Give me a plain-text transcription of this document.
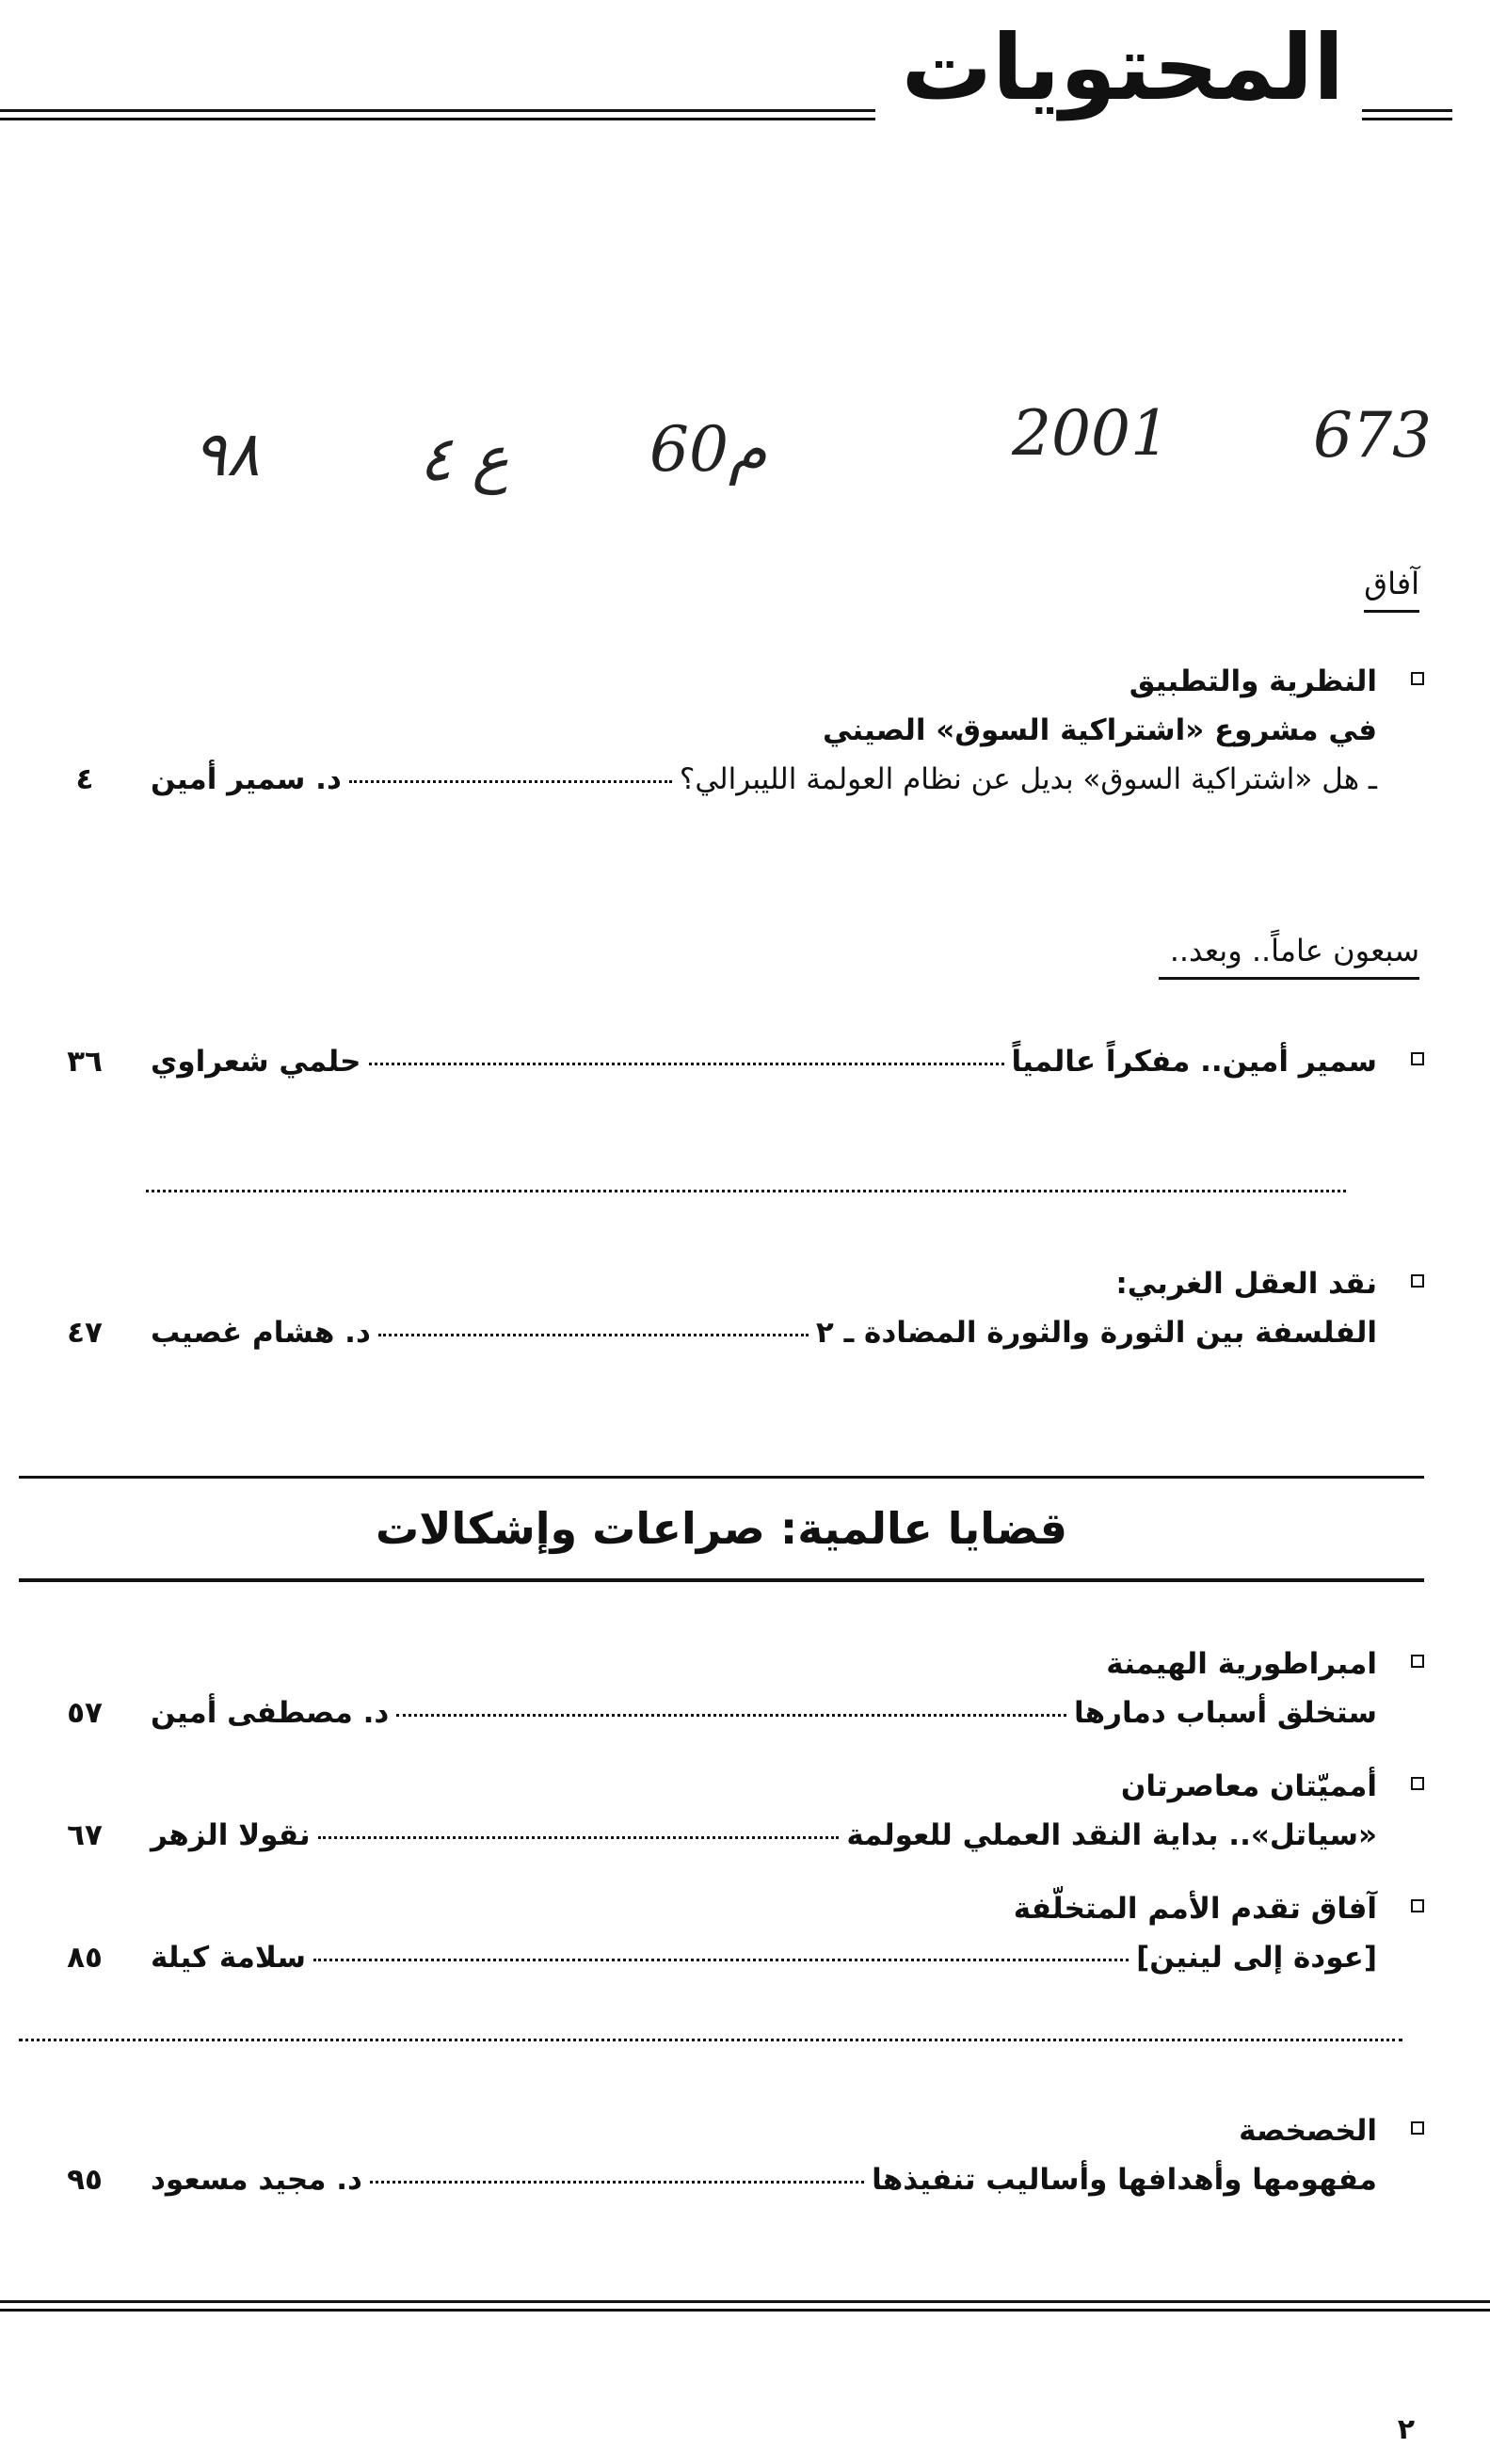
المحتويات
673
2001
60م
ع ٤
٩٨
آفاق
النظرية والتطبيق
في مشروع «اشتراكية السوق» الصيني
ـ هل «اشتراكية السوق» بديل عن نظام العولمة الليبرالي؟
د. سمير أمين
٤
سبعون عاماً.. وبعد..
سمير أمين.. مفكراً عالمياً
حلمي شعراوي
٣٦
نقد العقل الغربي:
الفلسفة بين الثورة والثورة المضادة ـ ٢
د. هشام غصيب
٤٧
قضايا عالمية: صراعات وإشكالات
امبراطورية الهيمنة
ستخلق أسباب دمارها
د. مصطفى أمين
٥٧
أمميّتان معاصرتان
«سياتل».. بداية النقد العملي للعولمة
نقولا الزهر
٦٧
آفاق تقدم الأمم المتخلّفة
[عودة إلى لينين]
سلامة كيلة
٨٥
الخصخصة
مفهومها وأهدافها وأساليب تنفيذها
د. مجيد مسعود
٩٥
٢
